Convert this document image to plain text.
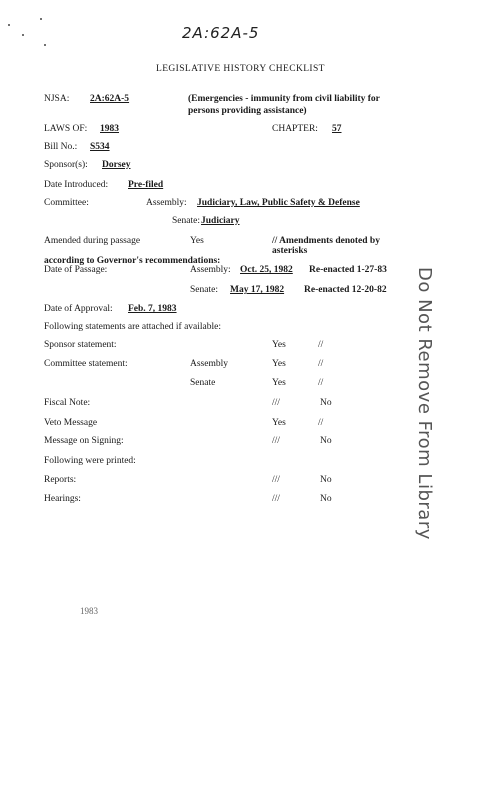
2A:62A-5
LEGISLATIVE HISTORY CHECKLIST
NJSA: 2A:62A-5	(Emergencies - immunity from civil liability for
persons providing assistance)
LAWS OF: 1983	CHAPTER: 57
Bill No.: S534
Sponsor(s): Dorsey
Date Introduced: Pre-filed
Committee:	Assembly: Judiciary, Law, Public Safety & Defense
Senate: Judiciary
Amended during passage	Yes	// Amendments denoted by
asterisks
according to Governor's recommendations:
Date of Passage:	Assembly: Oct. 25, 1982 Re-enacted 1-27-83
Senate: May 17, 1982 Re-enacted 12-20-82
Date of Approval: Feb. 7, 1983
Following statements are attached if available:
Sponsor statement:	Yes	//
Committee statement:	Assembly	Yes	//
Senate	Yes	//
Fiscal Note:	///	No
Veto Message	Yes	//
Message on Signing:	///	No
Following were printed:
Reports:	///	No
Hearings:	///	No	Do Not Remove From Library
1983
